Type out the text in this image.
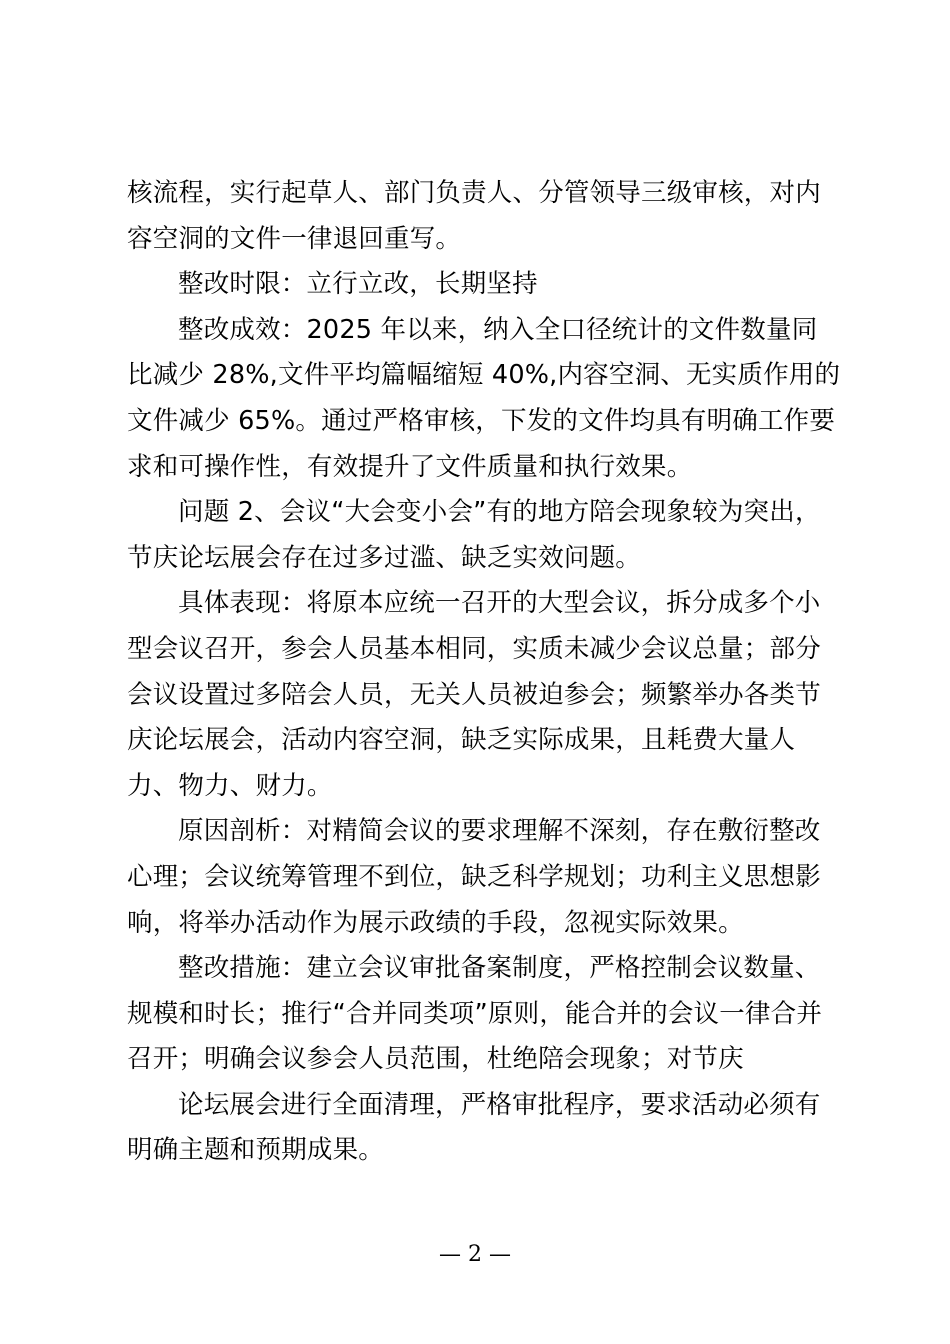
核流程，实行起草人、部门负责人、分管领导三级审核，对内
容空洞的文件一律退回重写。
整改时限：立行立改，长期坚持
整改成效：2025 年以来，纳入全口径统计的文件数量同
比减少 28%,文件平均篇幅缩短 40%,内容空洞、无实质作用的
文件减少 65%。通过严格审核，下发的文件均具有明确工作要
求和可操作性，有效提升了文件质量和执行效果。
问题 2、会议“大会变小会”有的地方陪会现象较为突出，
节庆论坛展会存在过多过滥、缺乏实效问题。
具体表现：将原本应统一召开的大型会议，拆分成多个小
型会议召开，参会人员基本相同，实质未减少会议总量；部分
会议设置过多陪会人员，无关人员被迫参会；频繁举办各类节
庆论坛展会，活动内容空洞，缺乏实际成果，且耗费大量人
力、物力、财力。
原因剖析：对精简会议的要求理解不深刻，存在敷衍整改
心理；会议统筹管理不到位，缺乏科学规划；功利主义思想影
响，将举办活动作为展示政绩的手段，忽视实际效果。
整改措施：建立会议审批备案制度，严格控制会议数量、
规模和时长；推行“合并同类项”原则，能合并的会议一律合并
召开；明确会议参会人员范围，杜绝陪会现象；对节庆
论坛展会进行全面清理，严格审批程序，要求活动必须有
明确主题和预期成果。
— 2 —
